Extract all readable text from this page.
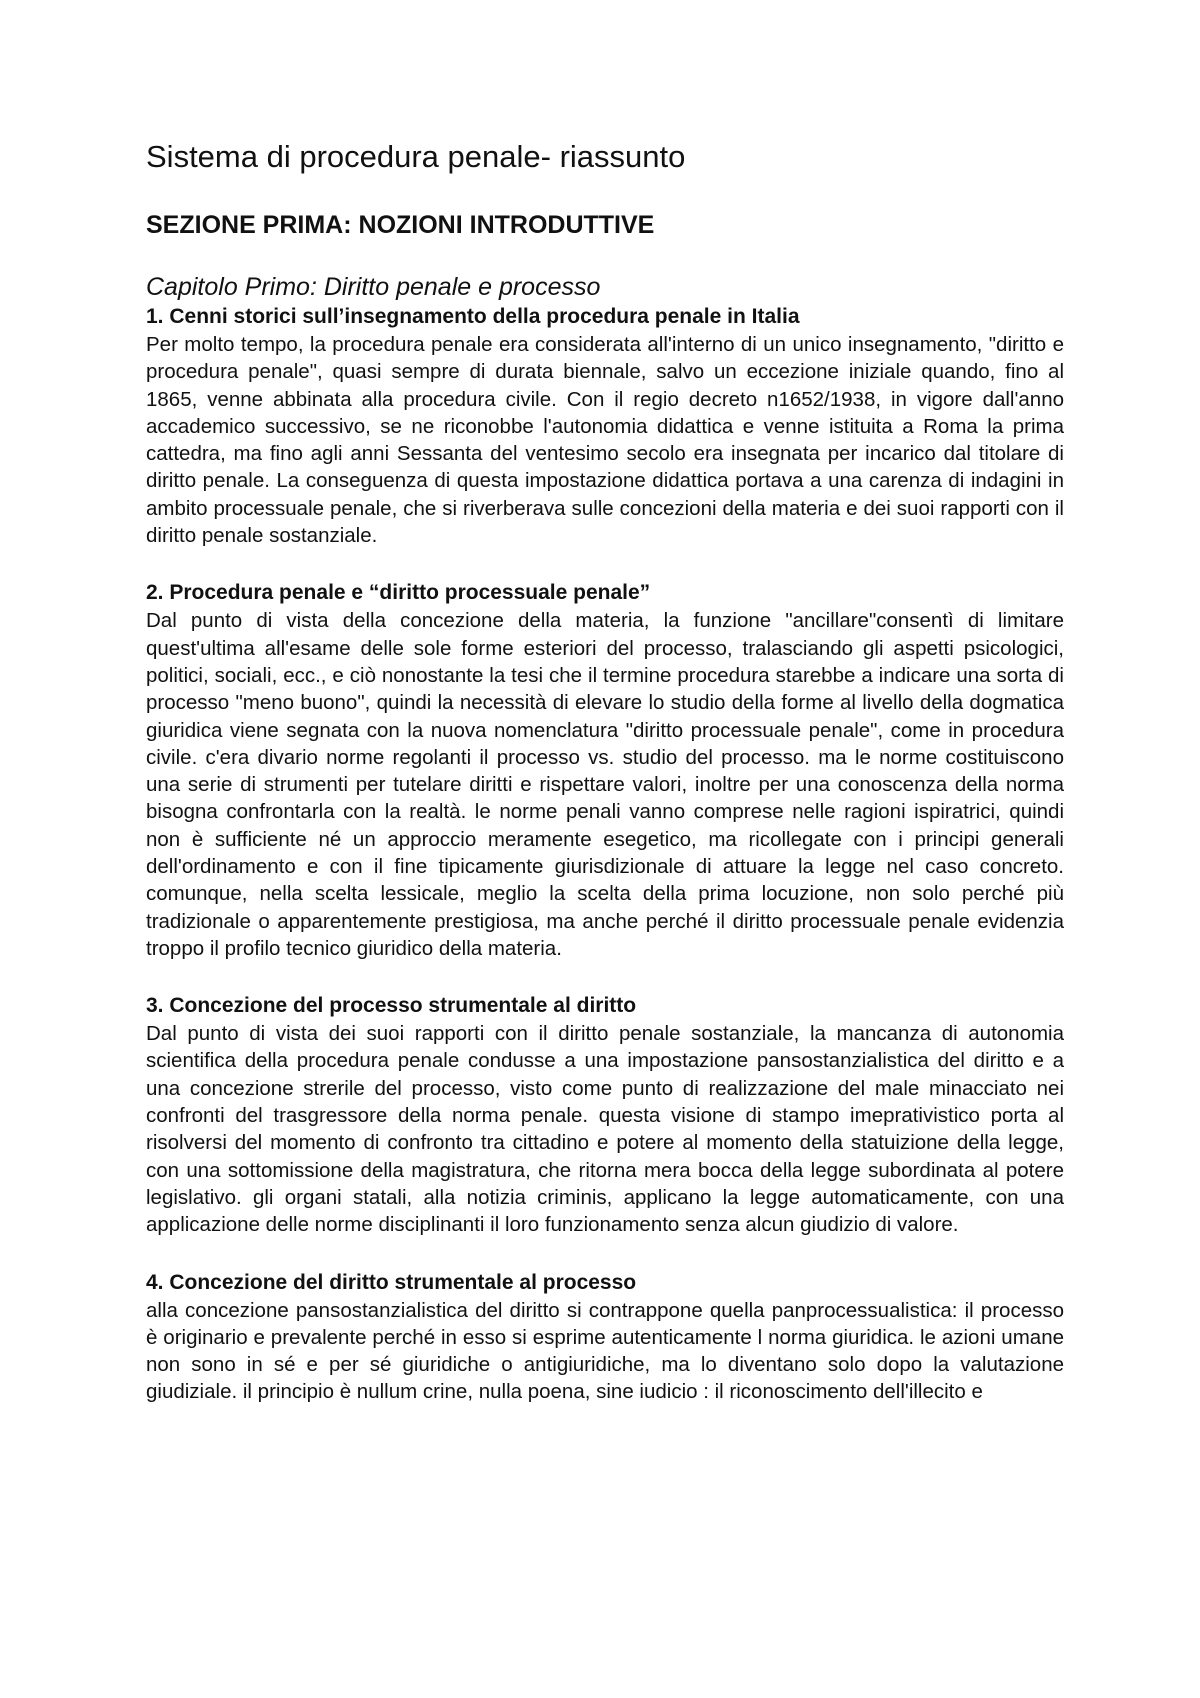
Sistema di procedura penale- riassunto
SEZIONE PRIMA: NOZIONI INTRODUTTIVE
Capitolo Primo: Diritto penale e processo
1. Cenni storici sull’insegnamento della procedura penale in Italia

Per molto tempo, la procedura penale era considerata all'interno di un unico insegnamento, "diritto e procedura penale", quasi sempre di durata biennale, salvo un eccezione iniziale quando, fino al 1865, venne abbinata alla procedura civile. Con il regio decreto n1652/1938, in vigore dall'anno accademico successivo, se ne riconobbe l'autonomia didattica e venne istituita a Roma la prima cattedra, ma fino agli anni Sessanta del ventesimo secolo era insegnata per incarico dal titolare di diritto penale. La conseguenza di questa impostazione didattica portava a una carenza di indagini in ambito processuale penale, che si riverberava sulle concezioni della materia e dei suoi rapporti con il diritto penale sostanziale.

2. Procedura penale e “diritto processuale penale”

Dal punto di vista della concezione della materia, la funzione "ancillare"consentì di limitare quest'ultima all'esame delle sole forme esteriori del processo, tralasciando gli aspetti psicologici, politici, sociali, ecc., e ciò nonostante la tesi che il termine procedura starebbe a indicare una sorta di processo "meno buono", quindi la necessità di elevare lo studio della forme al livello della dogmatica giuridica viene segnata con la nuova nomenclatura "diritto processuale penale", come in procedura civile. c'era divario norme regolanti il processo vs. studio del processo. ma le norme costituiscono una serie di strumenti per tutelare diritti e rispettare valori, inoltre per una conoscenza della norma bisogna confrontarla con la realtà. le norme penali vanno comprese nelle ragioni ispiratrici, quindi non è sufficiente né un approccio meramente esegetico, ma ricollegate con i principi generali dell'ordinamento e con il fine tipicamente giurisdizionale di attuare la legge nel caso concreto. comunque, nella scelta lessicale, meglio la scelta della prima locuzione, non solo perché più tradizionale o apparentemente prestigiosa, ma anche perché il diritto processuale penale evidenzia troppo il profilo tecnico giuridico della materia.

3. Concezione del processo strumentale al diritto

Dal punto di vista dei suoi rapporti con il diritto penale sostanziale, la mancanza di autonomia scientifica della procedura penale condusse a una impostazione pansostanzialistica del diritto e a una concezione strerile del processo, visto come punto di realizzazione del male minacciato nei confronti del trasgressore della norma penale. questa visione di stampo imeprativistico porta al risolversi del momento di confronto tra cittadino e potere al momento della statuizione della legge, con una sottomissione della magistratura, che ritorna mera bocca della legge subordinata al potere legislativo. gli organi statali, alla notizia criminis, applicano la legge automaticamente, con una applicazione delle norme disciplinanti il loro funzionamento senza alcun giudizio di valore.

4. Concezione del diritto strumentale al processo

alla concezione pansostanzialistica del diritto si contrappone quella panprocessualistica: il processo è originario e prevalente perché in esso si esprime autenticamente l norma giuridica. le azioni umane non sono in sé e per sé giuridiche o antigiuridiche, ma lo diventano solo dopo la valutazione giudiziale. il principio è nullum crine, nulla poena, sine iudicio : il riconoscimento dell'illecito e
